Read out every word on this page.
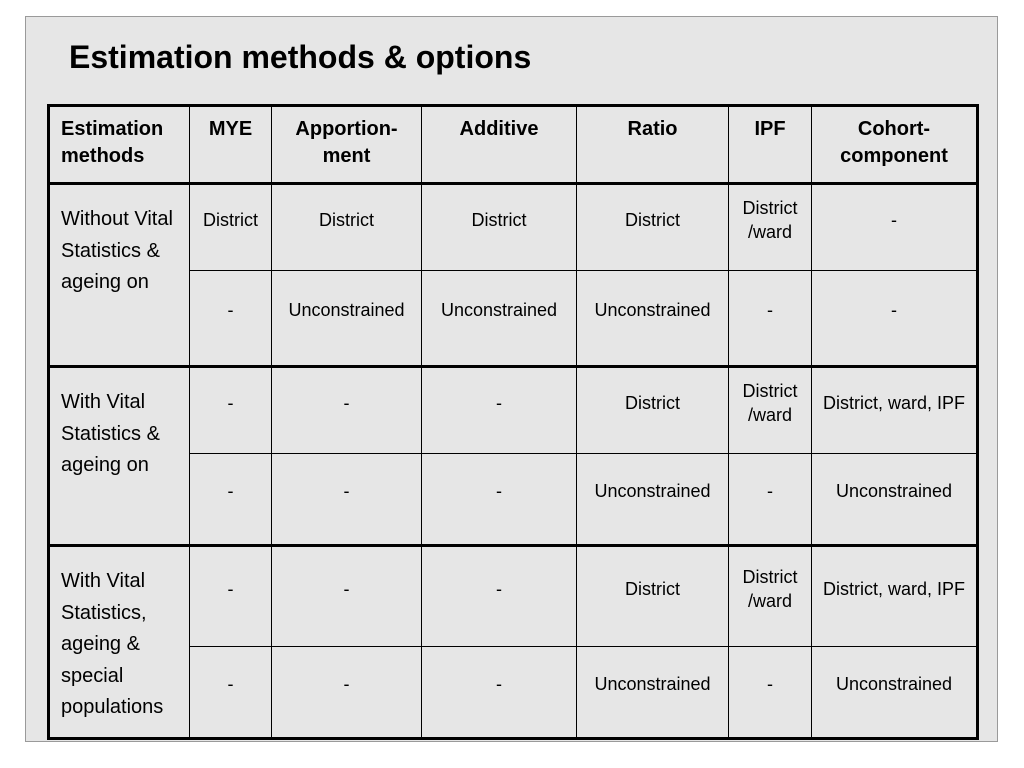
Estimation methods & options
Estimation methods	MYE	Apportion-ment	Additive	Ratio	IPF	Cohort-component
Without Vital Statistics & ageing on	District	District	District	District	District /ward	-

	-	Unconstrained	Unconstrained	Unconstrained	-	-

With Vital Statistics & ageing on	-	-	-	District	District /ward	District, ward, IPF

	-	-	-	Unconstrained	-	Unconstrained

With Vital Statistics, ageing & special populations	-	-	-	District	District /ward	District, ward, IPF

	-	-	-	Unconstrained	-	Unconstrained
